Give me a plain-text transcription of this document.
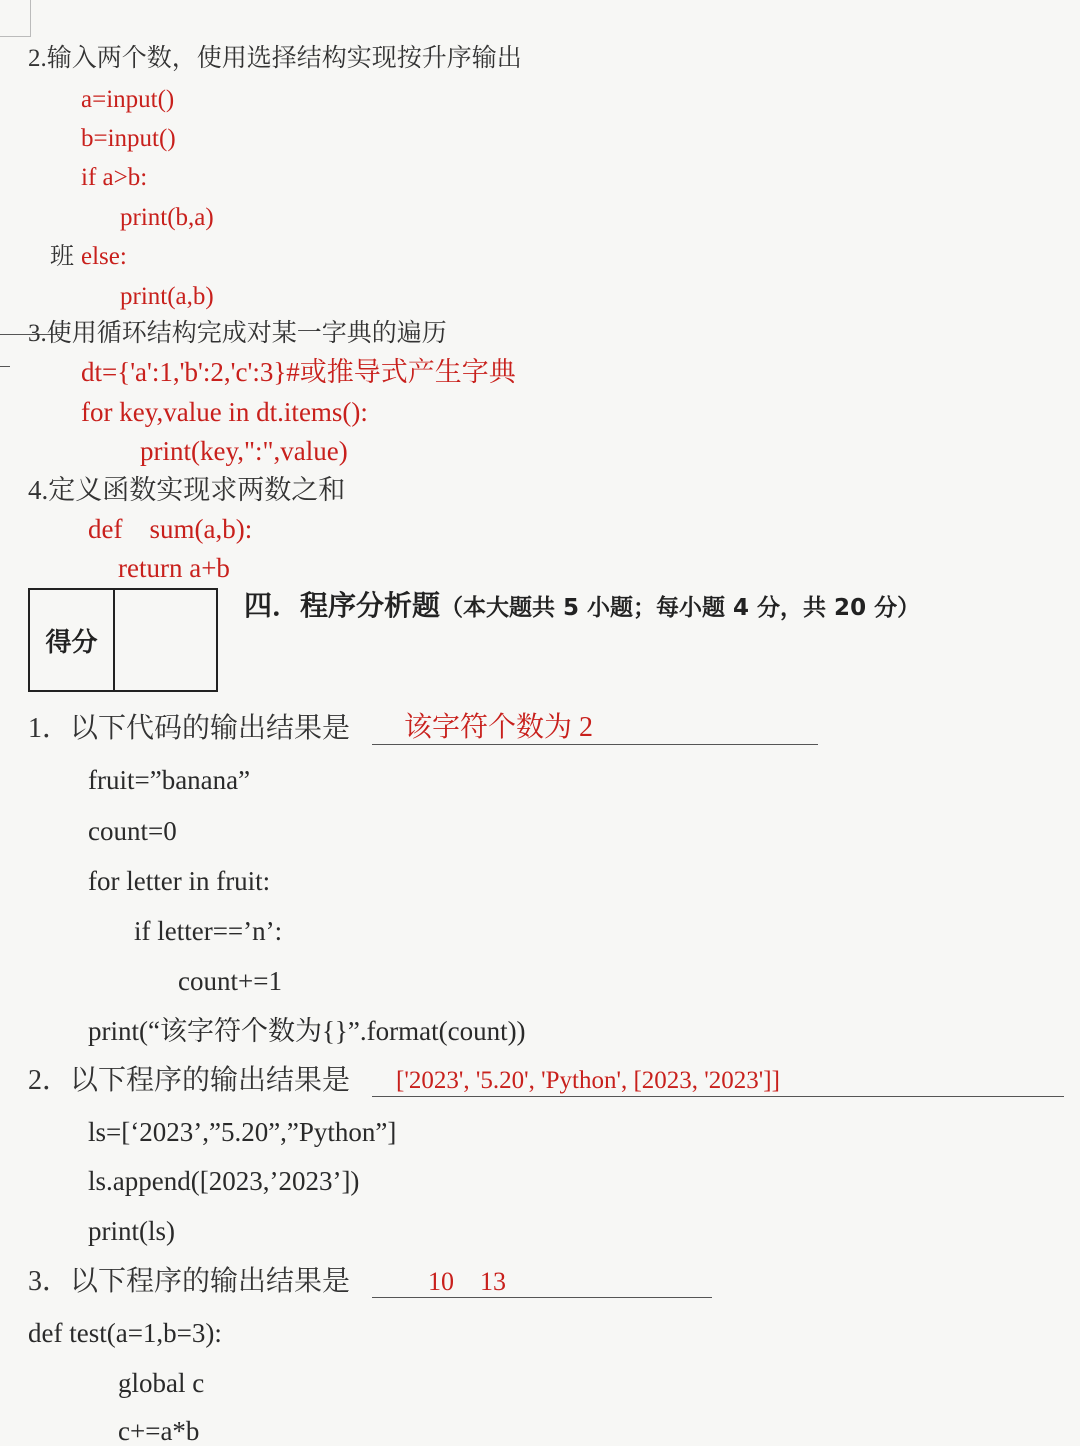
2.输入两个数，使用选择结构实现按升序输出
a=input()
b=input()
if a>b:
print(b,a)
班 else:
print(a,b)
3.使用循环结构完成对某一字典的遍历
dt={'a':1,'b':2,'c':3}#或推导式产生字典
for key,value in dt.items():
print(key,":",value)
4.定义函数实现求两数之和
def    sum(a,b):
return a+b
得分
四．程序分析题（本大题共 5 小题；每小题 4 分，共 20 分）
1．以下代码的输出结果是 该字符个数为 2
fruit=”banana”
count=0
for letter in fruit:
if letter==’n’:
count+=1
print(“该字符个数为{}”.format(count))
2．以下程序的输出结果是 ['2023', '5.20', 'Python', [2023, '2023']]
ls=[‘2023’,”5.20”,”Python”]
ls.append([2023,’2023’])
print(ls)
3．以下程序的输出结果是	10    13
def test(a=1,b=3):
global c
c+=a*b
